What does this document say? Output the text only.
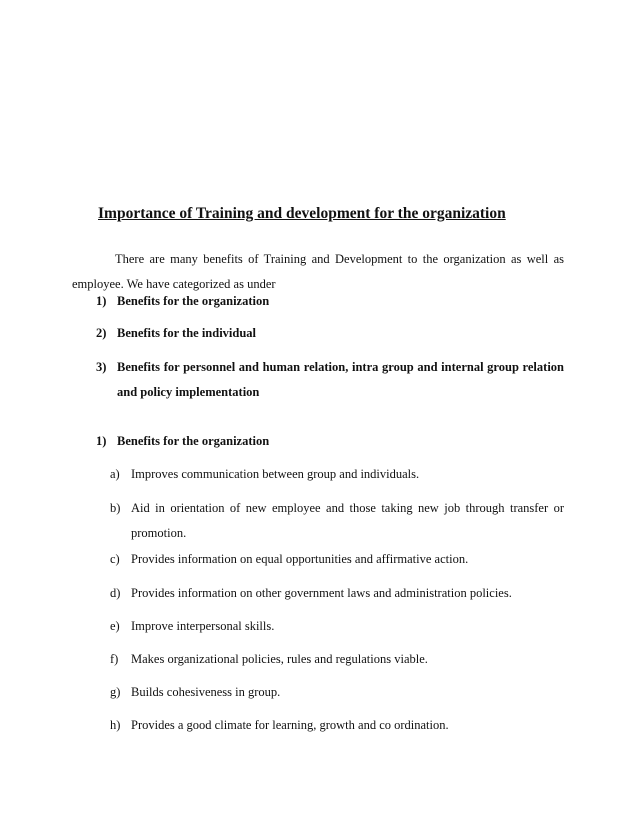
Importance of Training and development for the organization
There are many benefits of Training and Development to the organization as well as employee. We have categorized as under
1) Benefits for the organization
2) Benefits for the individual
3) Benefits for personnel and human relation, intra group and internal group relation
and policy implementation
1) Benefits for the organization
a) Improves communication between group and individuals.
b) Aid in orientation of new employee and those taking new job through transfer or
promotion.
c) Provides information on equal opportunities and affirmative action.
d) Provides information on other government laws and administration policies.
e) Improve interpersonal skills.
f) Makes organizational policies, rules and regulations viable.
g) Builds cohesiveness in group.
h) Provides a good climate for learning, growth and co ordination.
